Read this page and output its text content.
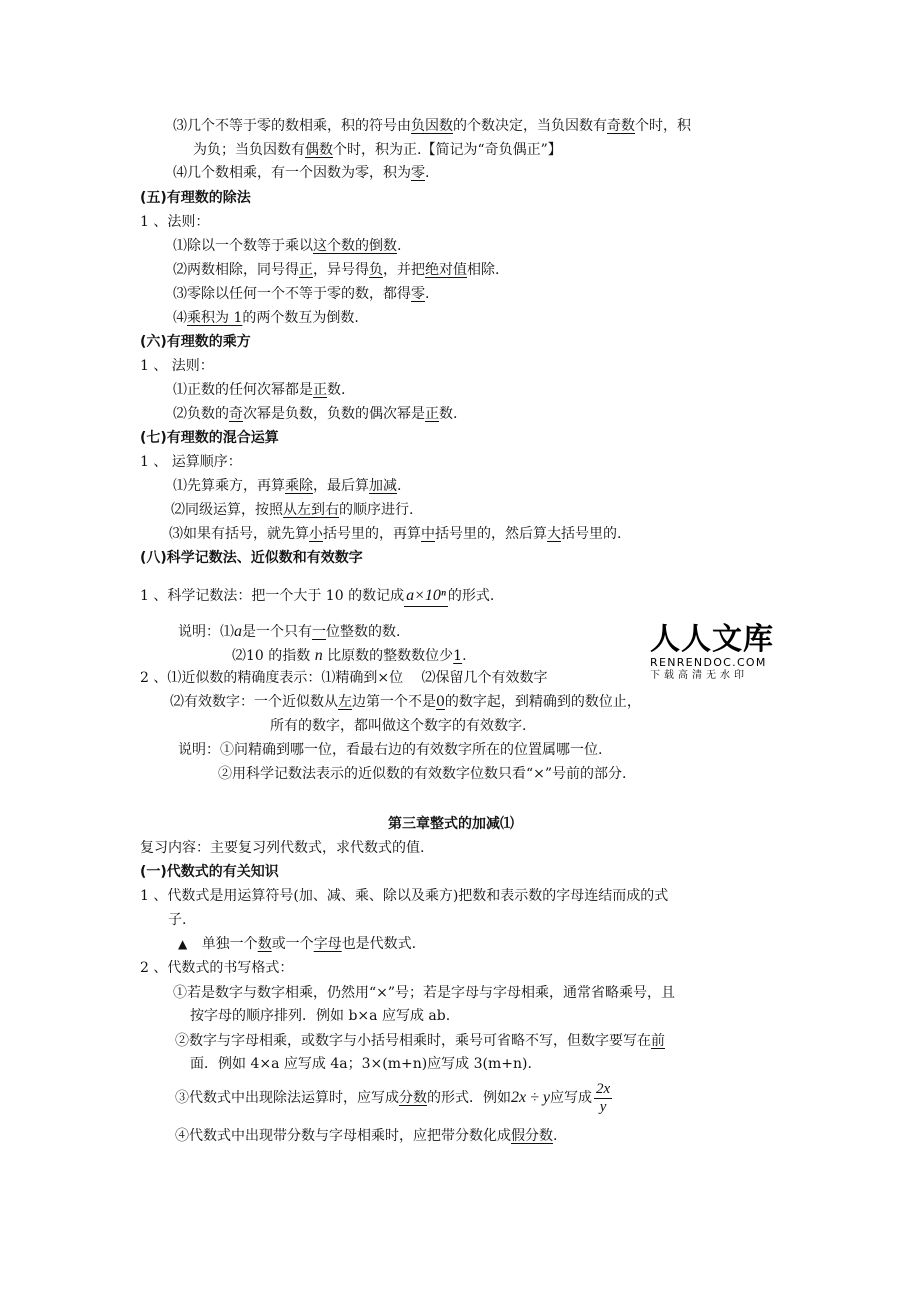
⑶几个不等于零的数相乘，积的符号由负因数的个数决定，当负因数有奇数个时，积
为负；当负因数有偶数个时，积为正.【简记为“奇负偶正”】
⑷几个数相乘，有一个因数为零，积为零.
(五)有理数的除法
1 、法则：
⑴除以一个数等于乘以这个数的倒数.
⑵两数相除，同号得正，异号得负，并把绝对值相除.
⑶零除以任何一个不等于零的数，都得零.
⑷乘积为 1的两个数互为倒数.
(六)有理数的乘方
1 、 法则：
⑴正数的任何次幂都是正数.
⑵负数的奇次幂是负数，负数的偶次幂是正数.
(七)有理数的混合运算
1 、 运算顺序：
⑴先算乘方，再算乘除，最后算加减.
⑵同级运算，按照从左到右的顺序进行.
⑶如果有括号，就先算小括号里的，再算中括号里的，然后算大括号里的.
(八)科学记数法、近似数和有效数字
1 、科学记数法：把一个大于 10 的数记成 a×10ⁿ 的形式.
说明：⑴a是一个只有一位整数的数.
⑵10 的指数 n 比原数的整数数位少1.
2 、⑴近似数的精确度表示：⑴精确到×位 ⑵保留几个有效数字
⑵有效数字：一个近似数从左边第一个不是0的数字起，到精确到的数位止，
所有的数字，都叫做这个数字的有效数字.
说明：①问精确到哪一位，看最右边的有效数字所在的位置属哪一位.
②用科学记数法表示的近似数的有效数字位数只看“×”号前的部分.
人人文库
RENRENDOC.COM
下载高清无水印
第三章整式的加减⑴
复习内容：主要复习列代数式，求代数式的值.
(一)代数式的有关知识
1 、代数式是用运算符号(加、减、乘、除以及乘方)把数和表示数的字母连结而成的式
子.
▲ 单独一个数或一个字母也是代数式.
2 、代数式的书写格式：
①若是数字与数字相乘，仍然用“×”号；若是字母与字母相乘，通常省略乘号，且
按字母的顺序排列．例如 b×a 应写成 ab.
②数字与字母相乘，或数字与小括号相乘时，乘号可省略不写，但数字要写在前
面．例如 4×a 应写成 4a；3×(m+n)应写成 3(m+n).
③代数式中出现除法运算时，应写成分数的形式．例如2x ÷ y应写成 $\frac{2x}{y}$
④代数式中出现带分数与字母相乘时，应把带分数化成假分数.
